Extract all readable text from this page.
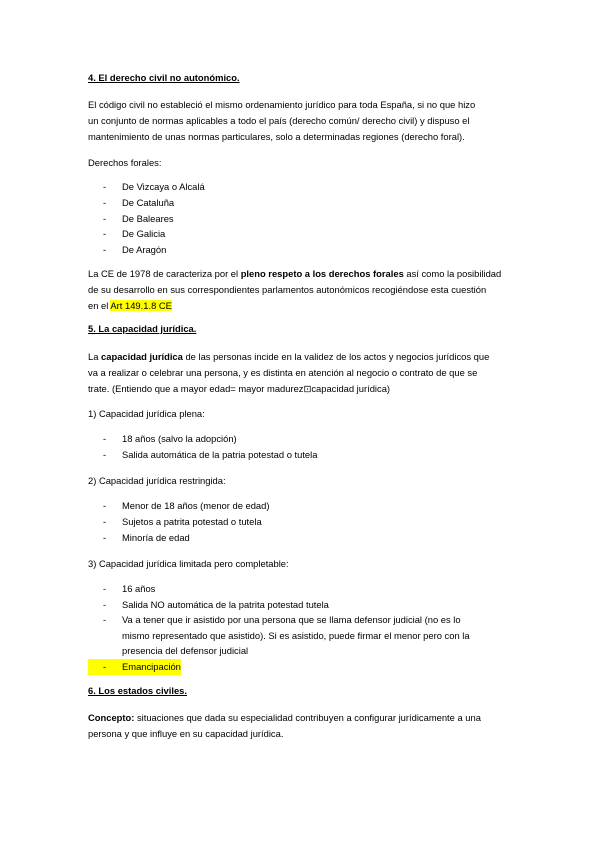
4. El derecho civil no autonómico.
El código civil no estableció el mismo ordenamiento jurídico para toda España, si no que hizo
un conjunto de normas aplicables a todo el país (derecho común/ derecho civil) y dispuso el
mantenimiento de unas normas particulares, solo a determinadas regiones (derecho foral).
Derechos forales:
- De Vizcaya o Alcalá
- De Cataluña
- De Baleares
- De Galicia
- De Aragón
La CE de 1978 de caracteriza por el pleno respeto a los derechos forales así como la posibilidad
de su desarrollo en sus correspondientes parlamentos autonómicos recogiéndose esta cuestión
en el Art 149.1.8 CE
5. La capacidad jurídica.
La capacidad jurídica de las personas incide en la validez de los actos y negocios jurídicos que
va a realizar o celebrar una persona, y es distinta en atención al negocio o contrato de que se
trate. (Entiendo que a mayor edad= mayor madurez⊡capacidad jurídica)
1) Capacidad jurídica plena:
- 18 años (salvo la adopción)
- Salida automática de la patria potestad o tutela
2) Capacidad jurídica restringida:
- Menor de 18 años (menor de edad)
- Sujetos a patrita potestad o tutela
- Minoría de edad
3) Capacidad jurídica limitada pero completable:
- 16 años
- Salida NO automática de la patrita potestad tutela
- Va a tener que ir asistido por una persona que se llama defensor judicial (no es lo
mismo representado que asistido). Si es asistido, puede firmar el menor pero con la
presencia del defensor judicial
- Emancipación
6. Los estados civiles.
Concepto: situaciones que dada su especialidad contribuyen a configurar jurídicamente a una
persona y que influye en su capacidad jurídica.
